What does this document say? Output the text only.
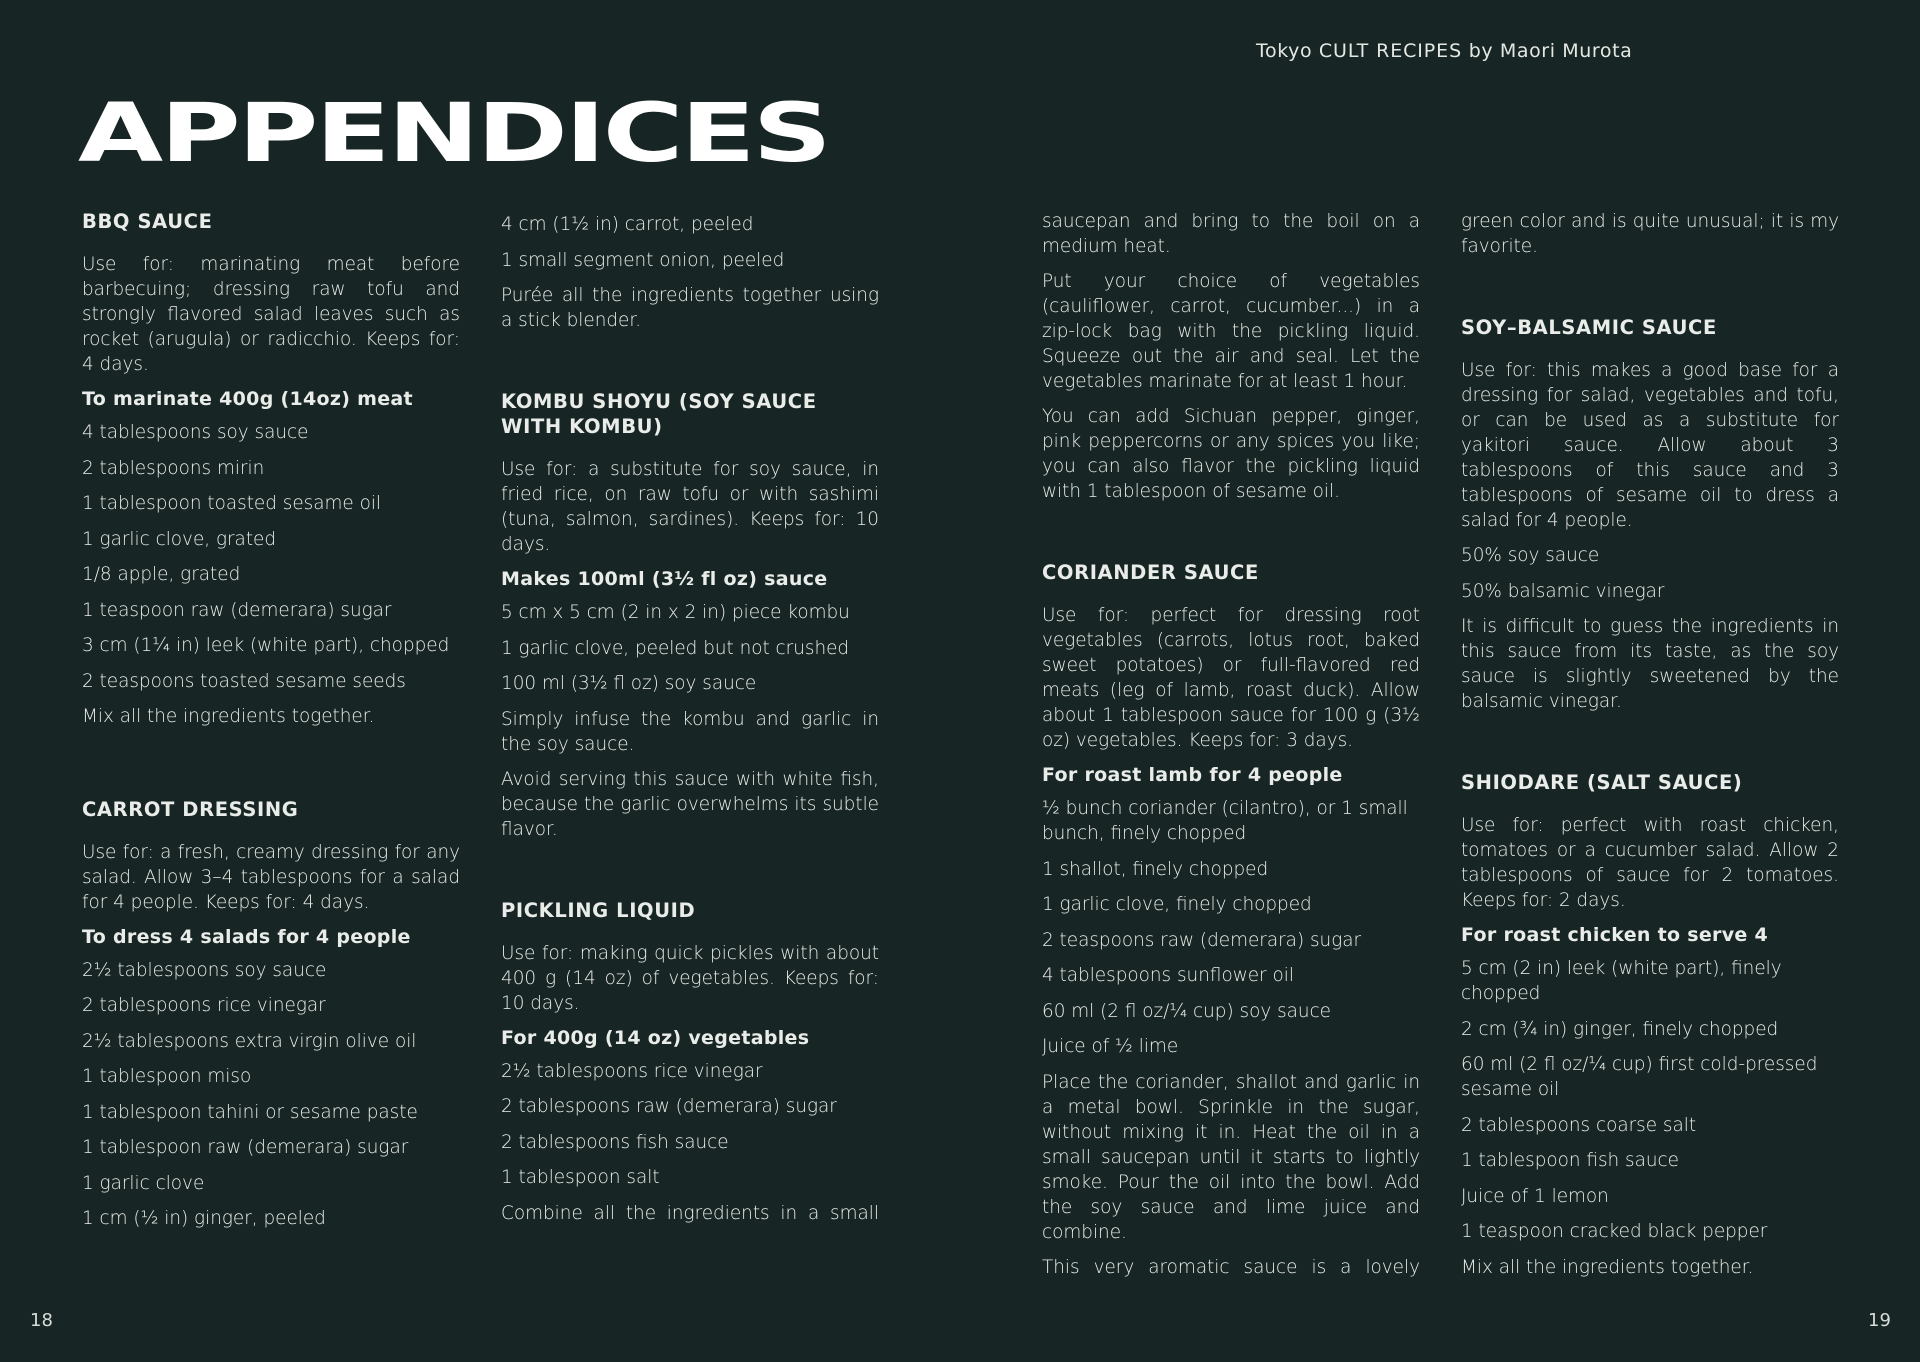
Tokyo CULT RECIPES by Maori Murota
APPENDICES
BBQ SAUCE

Use for: marinating meat before barbecuing; dressing raw tofu and strongly flavored salad leaves such as rocket (arugula) or radicchio. Keeps for: 4 days.

To marinate 400g (14oz) meat

4 tablespoons soy sauce

2 tablespoons mirin

1 tablespoon toasted sesame oil

1 garlic clove, grated

1/8 apple, grated

1 teaspoon raw (demerara) sugar

3 cm (1¼ in) leek (white part), chopped

2 teaspoons toasted sesame seeds

Mix all the ingredients together.

CARROT DRESSING

Use for: a fresh, creamy dressing for any salad. Allow 3–4 tablespoons for a salad for 4 people. Keeps for: 4 days.

To dress 4 salads for 4 people

2½ tablespoons soy sauce

2 tablespoons rice vinegar

2½ tablespoons extra virgin olive oil

1 tablespoon miso

1 tablespoon tahini or sesame paste

1 tablespoon raw (demerara) sugar

1 garlic clove

1 cm (½ in) ginger, peeled

4 cm (1½ in) carrot, peeled

1 small segment onion, peeled

Purée all the ingredients together using a stick blender.

KOMBU SHOYU (SOY SAUCE WITH KOMBU)

Use for: a substitute for soy sauce, in fried rice, on raw tofu or with sashimi (tuna, salmon, sardines). Keeps for: 10 days.

Makes 100ml (3½ fl oz) sauce

5 cm x 5 cm (2 in x 2 in) piece kombu

1 garlic clove, peeled but not crushed

100 ml (3½ fl oz) soy sauce

Simply infuse the kombu and garlic in the soy sauce.

Avoid serving this sauce with white fish, because the garlic overwhelms its subtle flavor.

PICKLING LIQUID

Use for: making quick pickles with about 400 g (14 oz) of vegetables. Keeps for: 10 days.

For 400g (14 oz) vegetables

2½ tablespoons rice vinegar

2 tablespoons raw (demerara) sugar

2 tablespoons fish sauce

1 tablespoon salt

Combine all the ingredients in a small

saucepan and bring to the boil on a medium heat.

Put your choice of vegetables (cauliflower, carrot, cucumber...) in a zip-lock bag with the pickling liquid. Squeeze out the air and seal. Let the vegetables marinate for at least 1 hour.

You can add Sichuan pepper, ginger, pink peppercorns or any spices you like; you can also flavor the pickling liquid with 1 tablespoon of sesame oil.

CORIANDER SAUCE

Use for: perfect for dressing root vegetables (carrots, lotus root, baked sweet potatoes) or full-flavored red meats (leg of lamb, roast duck). Allow about 1 tablespoon sauce for 100 g (3½ oz) vegetables. Keeps for: 3 days.

For roast lamb for 4 people

½ bunch coriander (cilantro), or 1 small bunch, finely chopped

1 shallot, finely chopped

1 garlic clove, finely chopped

2 teaspoons raw (demerara) sugar

4 tablespoons sunflower oil

60 ml (2 fl oz/¼ cup) soy sauce

Juice of ½ lime

Place the coriander, shallot and garlic in a metal bowl. Sprinkle in the sugar, without mixing it in. Heat the oil in a small saucepan until it starts to lightly smoke. Pour the oil into the bowl. Add the soy sauce and lime juice and combine.

This very aromatic sauce is a lovely

green color and is quite unusual; it is my favorite.

SOY–BALSAMIC SAUCE

Use for: this makes a good base for a dressing for salad, vegetables and tofu, or can be used as a substitute for yakitori sauce. Allow about 3 tablespoons of this sauce and 3 tablespoons of sesame oil to dress a salad for 4 people.

50% soy sauce

50% balsamic vinegar

It is difficult to guess the ingredients in this sauce from its taste, as the soy sauce is slightly sweetened by the balsamic vinegar.

SHIODARE (SALT SAUCE)

Use for: perfect with roast chicken, tomatoes or a cucumber salad. Allow 2 tablespoons of sauce for 2 tomatoes. Keeps for: 2 days.

For roast chicken to serve 4

5 cm (2 in) leek (white part), finely chopped

2 cm (¾ in) ginger, finely chopped

60 ml (2 fl oz/¼ cup) first cold-pressed sesame oil

2 tablespoons coarse salt

1 tablespoon fish sauce

Juice of 1 lemon

1 teaspoon cracked black pepper

Mix all the ingredients together.

18	19
